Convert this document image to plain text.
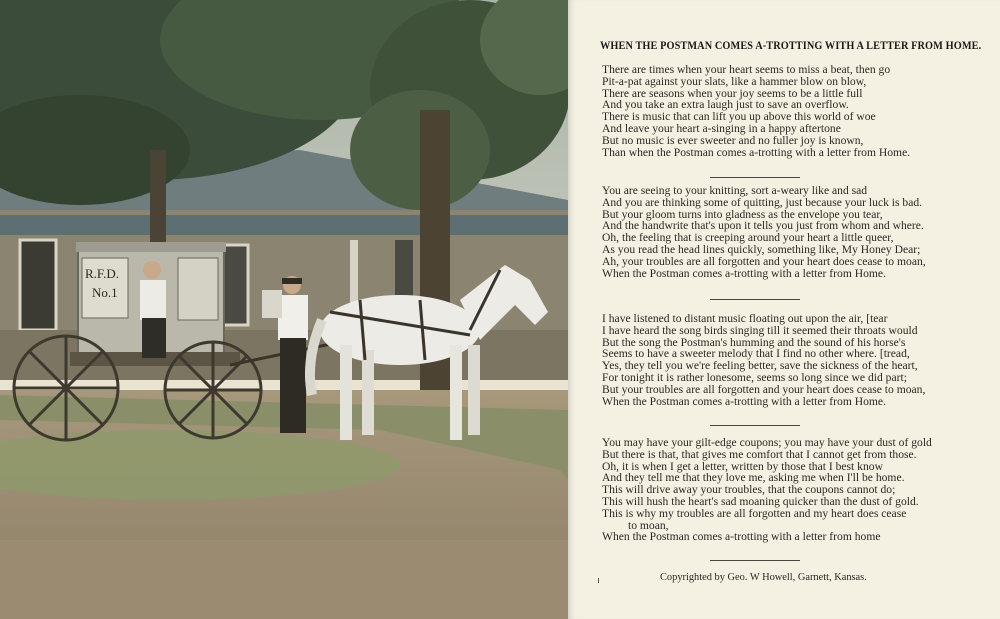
R.F.D.
No.1
WHEN THE POSTMAN COMES A-TROTTING WITH A LETTER FROM HOME.
There are times when your heart seems to miss a beat, then go
Pit-a-pat against your slats, like a hammer blow on blow,
There are seasons when your joy seems to be a little full
And you take an extra laugh just to save an overflow.
There is music that can lift you up above this world of woe
And leave your heart a-singing in a happy aftertone
But no music is ever sweeter and no fuller joy is known,
Than when the Postman comes a-trotting with a letter from Home.
You are seeing to your knitting, sort a-weary like and sad
And you are thinking some of quitting, just because your luck is bad.
But your gloom turns into gladness as the envelope you tear,
And the handwrite that's upon it tells you just from whom and where.
Oh, the feeling that is creeping around your heart a little queer,
As you read the head lines quickly, something like, My Honey Dear;
Ah, your troubles are all forgotten and your heart does cease to moan,
When the Postman comes a-trotting with a letter from Home.
I have listened to distant music floating out upon the air, [tear
I have heard the song birds singing till it seemed their throats would
But the song the Postman's humming and the sound of his horse's
Seems to have a sweeter melody that I find no other where. [tread,
Yes, they tell you we're feeling better, save the sickness of the heart,
For tonight it is rather lonesome, seems so long since we did part;
But your troubles are all forgotten and your heart does cease to moan,
When the Postman comes a-trotting with a letter from Home.
You may have your gilt-edge coupons; you may have your dust of gold
But there is that, that gives me comfort that I cannot get from those.
Oh, it is when I get a letter, written by those that I best know
And they tell me that they love me, asking me when I'll be home.
This will drive away your troubles, that the coupons cannot do;
This will hush the heart's sad moaning quicker than the dust of gold.
This is why my troubles are all forgotten and my heart does cease
to moan,
When the Postman comes a-trotting with a letter from home
Copyrighted by Geo. W Howell, Garnett, Kansas.
